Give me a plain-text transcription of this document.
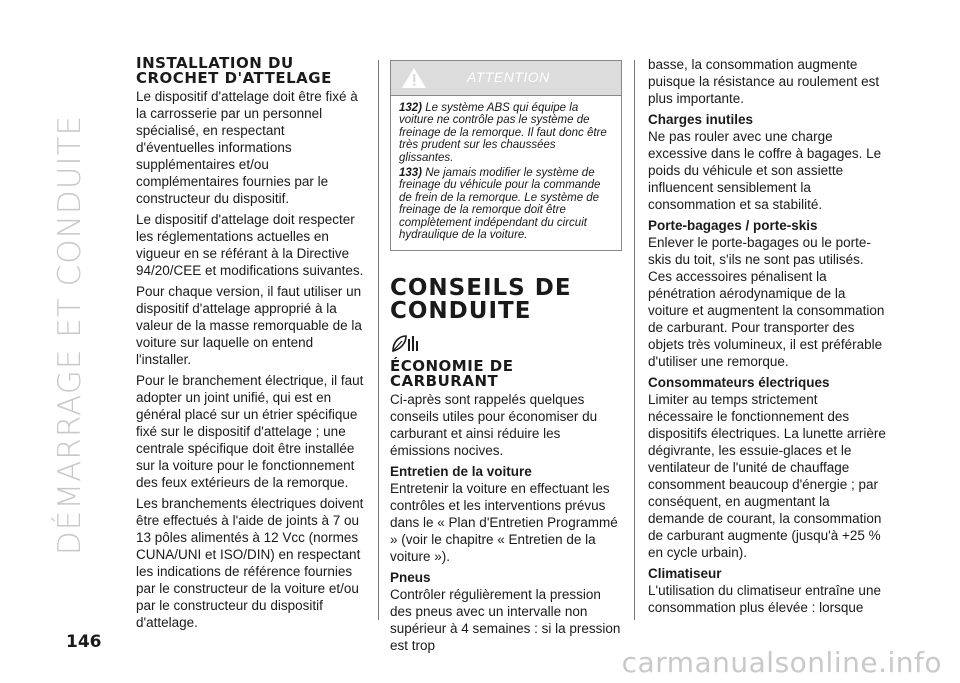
DÉMARRAGE ET CONDUITE
INSTALLATION DU
CROCHET D'ATTELAGE

Le dispositif d'attelage doit être fixé à la carrosserie par un personnel spécialisé, en respectant d'éventuelles informations supplémentaires et/ou complémentaires fournies par le constructeur du dispositif.

Le dispositif d'attelage doit respecter les réglementations actuelles en vigueur en se référant à la Directive 94/20/CEE et modifications suivantes.

Pour chaque version, il faut utiliser un dispositif d'attelage approprié à la valeur de la masse remorquable de la voiture sur laquelle on entend l'installer.

Pour le branchement électrique, il faut adopter un joint unifié, qui est en général placé sur un étrier spécifique fixé sur le dispositif d'attelage ; une centrale spécifique doit être installée sur la voiture pour le fonctionnement des feux extérieurs de la remorque.

Les branchements électriques doivent être effectués à l'aide de joints à 7 ou 13 pôles alimentés à 12 Vcc (normes CUNA/UNI et ISO/DIN) en respectant les indications de référence fournies par le constructeur de la voiture et/ou par le constructeur du dispositif d'attelage.

ATTENTION

132) Le système ABS qui équipe la voiture ne contrôle pas le système de freinage de la remorque. Il faut donc être très prudent sur les chaussées glissantes.

133) Ne jamais modifier le système de freinage du véhicule pour la commande de frein de la remorque. Le système de freinage de la remorque doit être complètement indépendant du circuit hydraulique de la voiture.

CONSEILS DE
CONDUITE
ÉCONOMIE DE
CARBURANT

Ci-après sont rappelés quelques conseils utiles pour économiser du carburant et ainsi réduire les émissions nocives.

Entretien de la voiture

Entretenir la voiture en effectuant les contrôles et les interventions prévus dans le « Plan d'Entretien Programmé » (voir le chapitre « Entretien de la voiture »).

Pneus

Contrôler régulièrement la pression des pneus avec un intervalle non supérieur à 4 semaines : si la pression est trop

basse, la consommation augmente puisque la résistance au roulement est plus importante.

Charges inutiles

Ne pas rouler avec une charge excessive dans le coffre à bagages. Le poids du véhicule et son assiette influencent sensiblement la consommation et sa stabilité.

Porte-bagages / porte-skis

Enlever le porte-bagages ou le porte-skis du toit, s'ils ne sont pas utilisés. Ces accessoires pénalisent la pénétration aérodynamique de la voiture et augmentent la consommation de carburant. Pour transporter des objets très volumineux, il est préférable d'utiliser une remorque.

Consommateurs électriques

Limiter au temps strictement nécessaire le fonctionnement des dispositifs électriques. La lunette arrière dégivrante, les essuie-glaces et le ventilateur de l'unité de chauffage consomment beaucoup d'énergie ; par conséquent, en augmentant la demande de courant, la consommation de carburant augmente (jusqu'à +25 % en cycle urbain).

Climatiseur

L'utilisation du climatiseur entraîne une consommation plus élevée : lorsque

146
carmanualsonline.info
